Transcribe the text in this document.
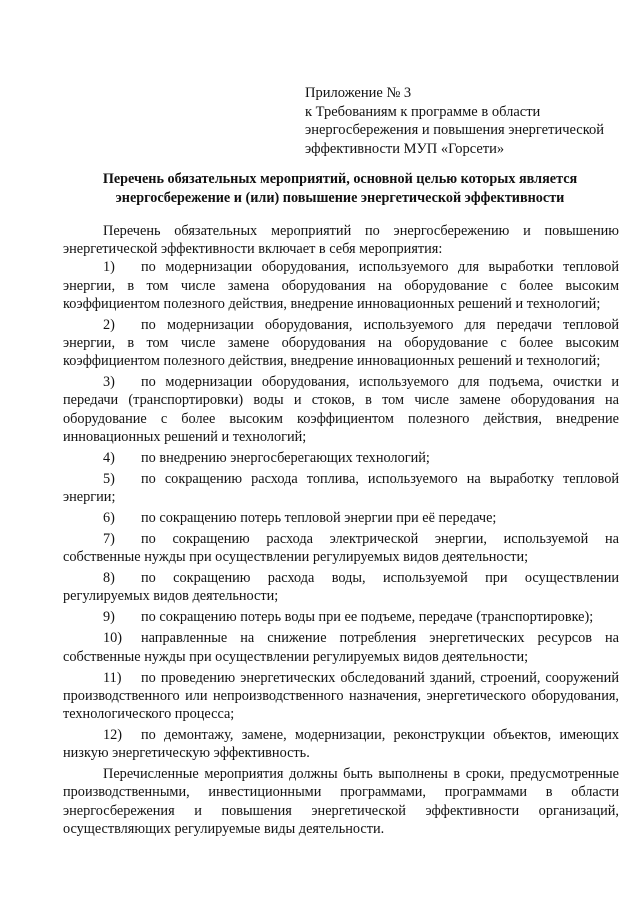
Приложение № 3
к Требованиям к программе в области
энергосбережения и повышения энергетической
эффективности МУП «Горсети»
Перечень обязательных мероприятий, основной целью которых является
энергосбережение и (или) повышение энергетической эффективности

Перечень обязательных мероприятий по энергосбережению и повышению энергетической эффективности включает в себя мероприятия:

1) по модернизации оборудования, используемого для выработки тепловой энергии, в том числе замена оборудования на оборудование с более высоким коэффициентом полезного действия, внедрение инновационных решений и технологий;

2) по модернизации оборудования, используемого для передачи тепловой энергии, в том числе замене оборудования на оборудование с более высоким коэффициентом полезного действия, внедрение инновационных решений и технологий;

3) по модернизации оборудования, используемого для подъема, очистки и передачи (транспортировки) воды и стоков, в том числе замене оборудования на оборудование с более высоким коэффициентом полезного действия, внедрение инновационных решений и технологий;

4) по внедрению энергосберегающих технологий;

5) по сокращению расхода топлива, используемого на выработку тепловой энергии;

6) по сокращению потерь тепловой энергии при её передаче;

7) по сокращению расхода электрической энергии, используемой на собственные нужды при осуществлении регулируемых видов деятельности;

8) по сокращению расхода воды, используемой при осуществлении регулируемых видов деятельности;

9) по сокращению потерь воды при ее подъеме, передаче (транспортировке);

10) направленные на снижение потребления энергетических ресурсов на собственные нужды при осуществлении регулируемых видов деятельности;

11) по проведению энергетических обследований зданий, строений, сооружений производственного или непроизводственного назначения, энергетического оборудования, технологического процесса;

12) по демонтажу, замене, модернизации, реконструкции объектов, имеющих низкую энергетическую эффективность.

Перечисленные мероприятия должны быть выполнены в сроки, предусмотренные производственными, инвестиционными программами, программами в области энергосбережения и повышения энергетической эффективности организаций, осуществляющих регулируемые виды деятельности.
